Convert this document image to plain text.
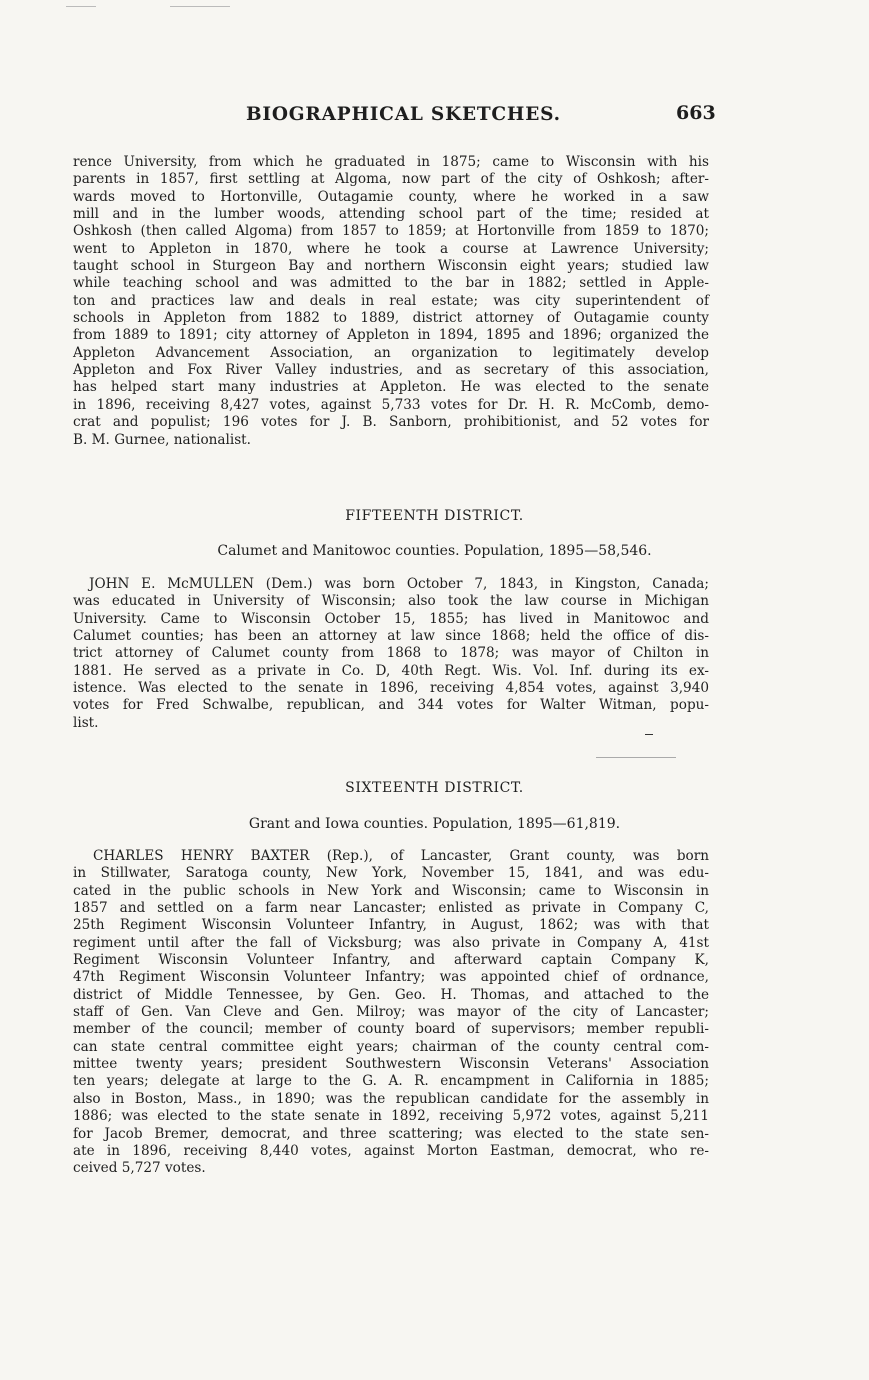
BIOGRAPHICAL SKETCHES.	663
rence University, from which he graduated in 1875; came to Wisconsin with his
parents in 1857, first settling at Algoma, now part of the city of Oshkosh; after-
wards moved to Hortonville, Outagamie county, where he worked in a saw
mill and in the lumber woods, attending school part of the time; resided at
Oshkosh (then called Algoma) from 1857 to 1859; at Hortonville from 1859 to 1870;
went to Appleton in 1870, where he took a course at Lawrence University;
taught school in Sturgeon Bay and northern Wisconsin eight years; studied law
while teaching school and was admitted to the bar in 1882; settled in Apple-
ton and practices law and deals in real estate; was city superintendent of
schools in Appleton from 1882 to 1889, district attorney of Outagamie county
from 1889 to 1891; city attorney of Appleton in 1894, 1895 and 1896; organized the
Appleton Advancement Association, an organization to legitimately develop
Appleton and Fox River Valley industries, and as secretary of this association,
has helped start many industries at Appleton. He was elected to the senate
in 1896, receiving 8,427 votes, against 5,733 votes for Dr. H. R. McComb, demo-
crat and populist; 196 votes for J. B. Sanborn, prohibitionist, and 52 votes for
B. M. Gurnee, nationalist.
FIFTEENTH DISTRICT.
Calumet and Manitowoc counties. Population, 1895—58,546.
JOHN E. McMULLEN (Dem.) was born October 7, 1843, in Kingston, Canada;
was educated in University of Wisconsin; also took the law course in Michigan
University. Came to Wisconsin October 15, 1855; has lived in Manitowoc and
Calumet counties; has been an attorney at law since 1868; held the office of dis-
trict attorney of Calumet county from 1868 to 1878; was mayor of Chilton in
1881. He served as a private in Co. D, 40th Regt. Wis. Vol. Inf. during its ex-
istence. Was elected to the senate in 1896, receiving 4,854 votes, against 3,940
votes for Fred Schwalbe, republican, and 344 votes for Walter Witman, popu-
list.
SIXTEENTH DISTRICT.
Grant and Iowa counties. Population, 1895—61,819.
CHARLES HENRY BAXTER (Rep.), of Lancaster, Grant county, was born
in Stillwater, Saratoga county, New York, November 15, 1841, and was edu-
cated in the public schools in New York and Wisconsin; came to Wisconsin in
1857 and settled on a farm near Lancaster; enlisted as private in Company C,
25th Regiment Wisconsin Volunteer Infantry, in August, 1862; was with that
regiment until after the fall of Vicksburg; was also private in Company A, 41st
Regiment Wisconsin Volunteer Infantry, and afterward captain Company K,
47th Regiment Wisconsin Volunteer Infantry; was appointed chief of ordnance,
district of Middle Tennessee, by Gen. Geo. H. Thomas, and attached to the
staff of Gen. Van Cleve and Gen. Milroy; was mayor of the city of Lancaster;
member of the council; member of county board of supervisors; member republi-
can state central committee eight years; chairman of the county central com-
mittee twenty years; president Southwestern Wisconsin Veterans' Association
ten years; delegate at large to the G. A. R. encampment in California in 1885;
also in Boston, Mass., in 1890; was the republican candidate for the assembly in
1886; was elected to the state senate in 1892, receiving 5,972 votes, against 5,211
for Jacob Bremer, democrat, and three scattering; was elected to the state sen-
ate in 1896, receiving 8,440 votes, against Morton Eastman, democrat, who re-
ceived 5,727 votes.
